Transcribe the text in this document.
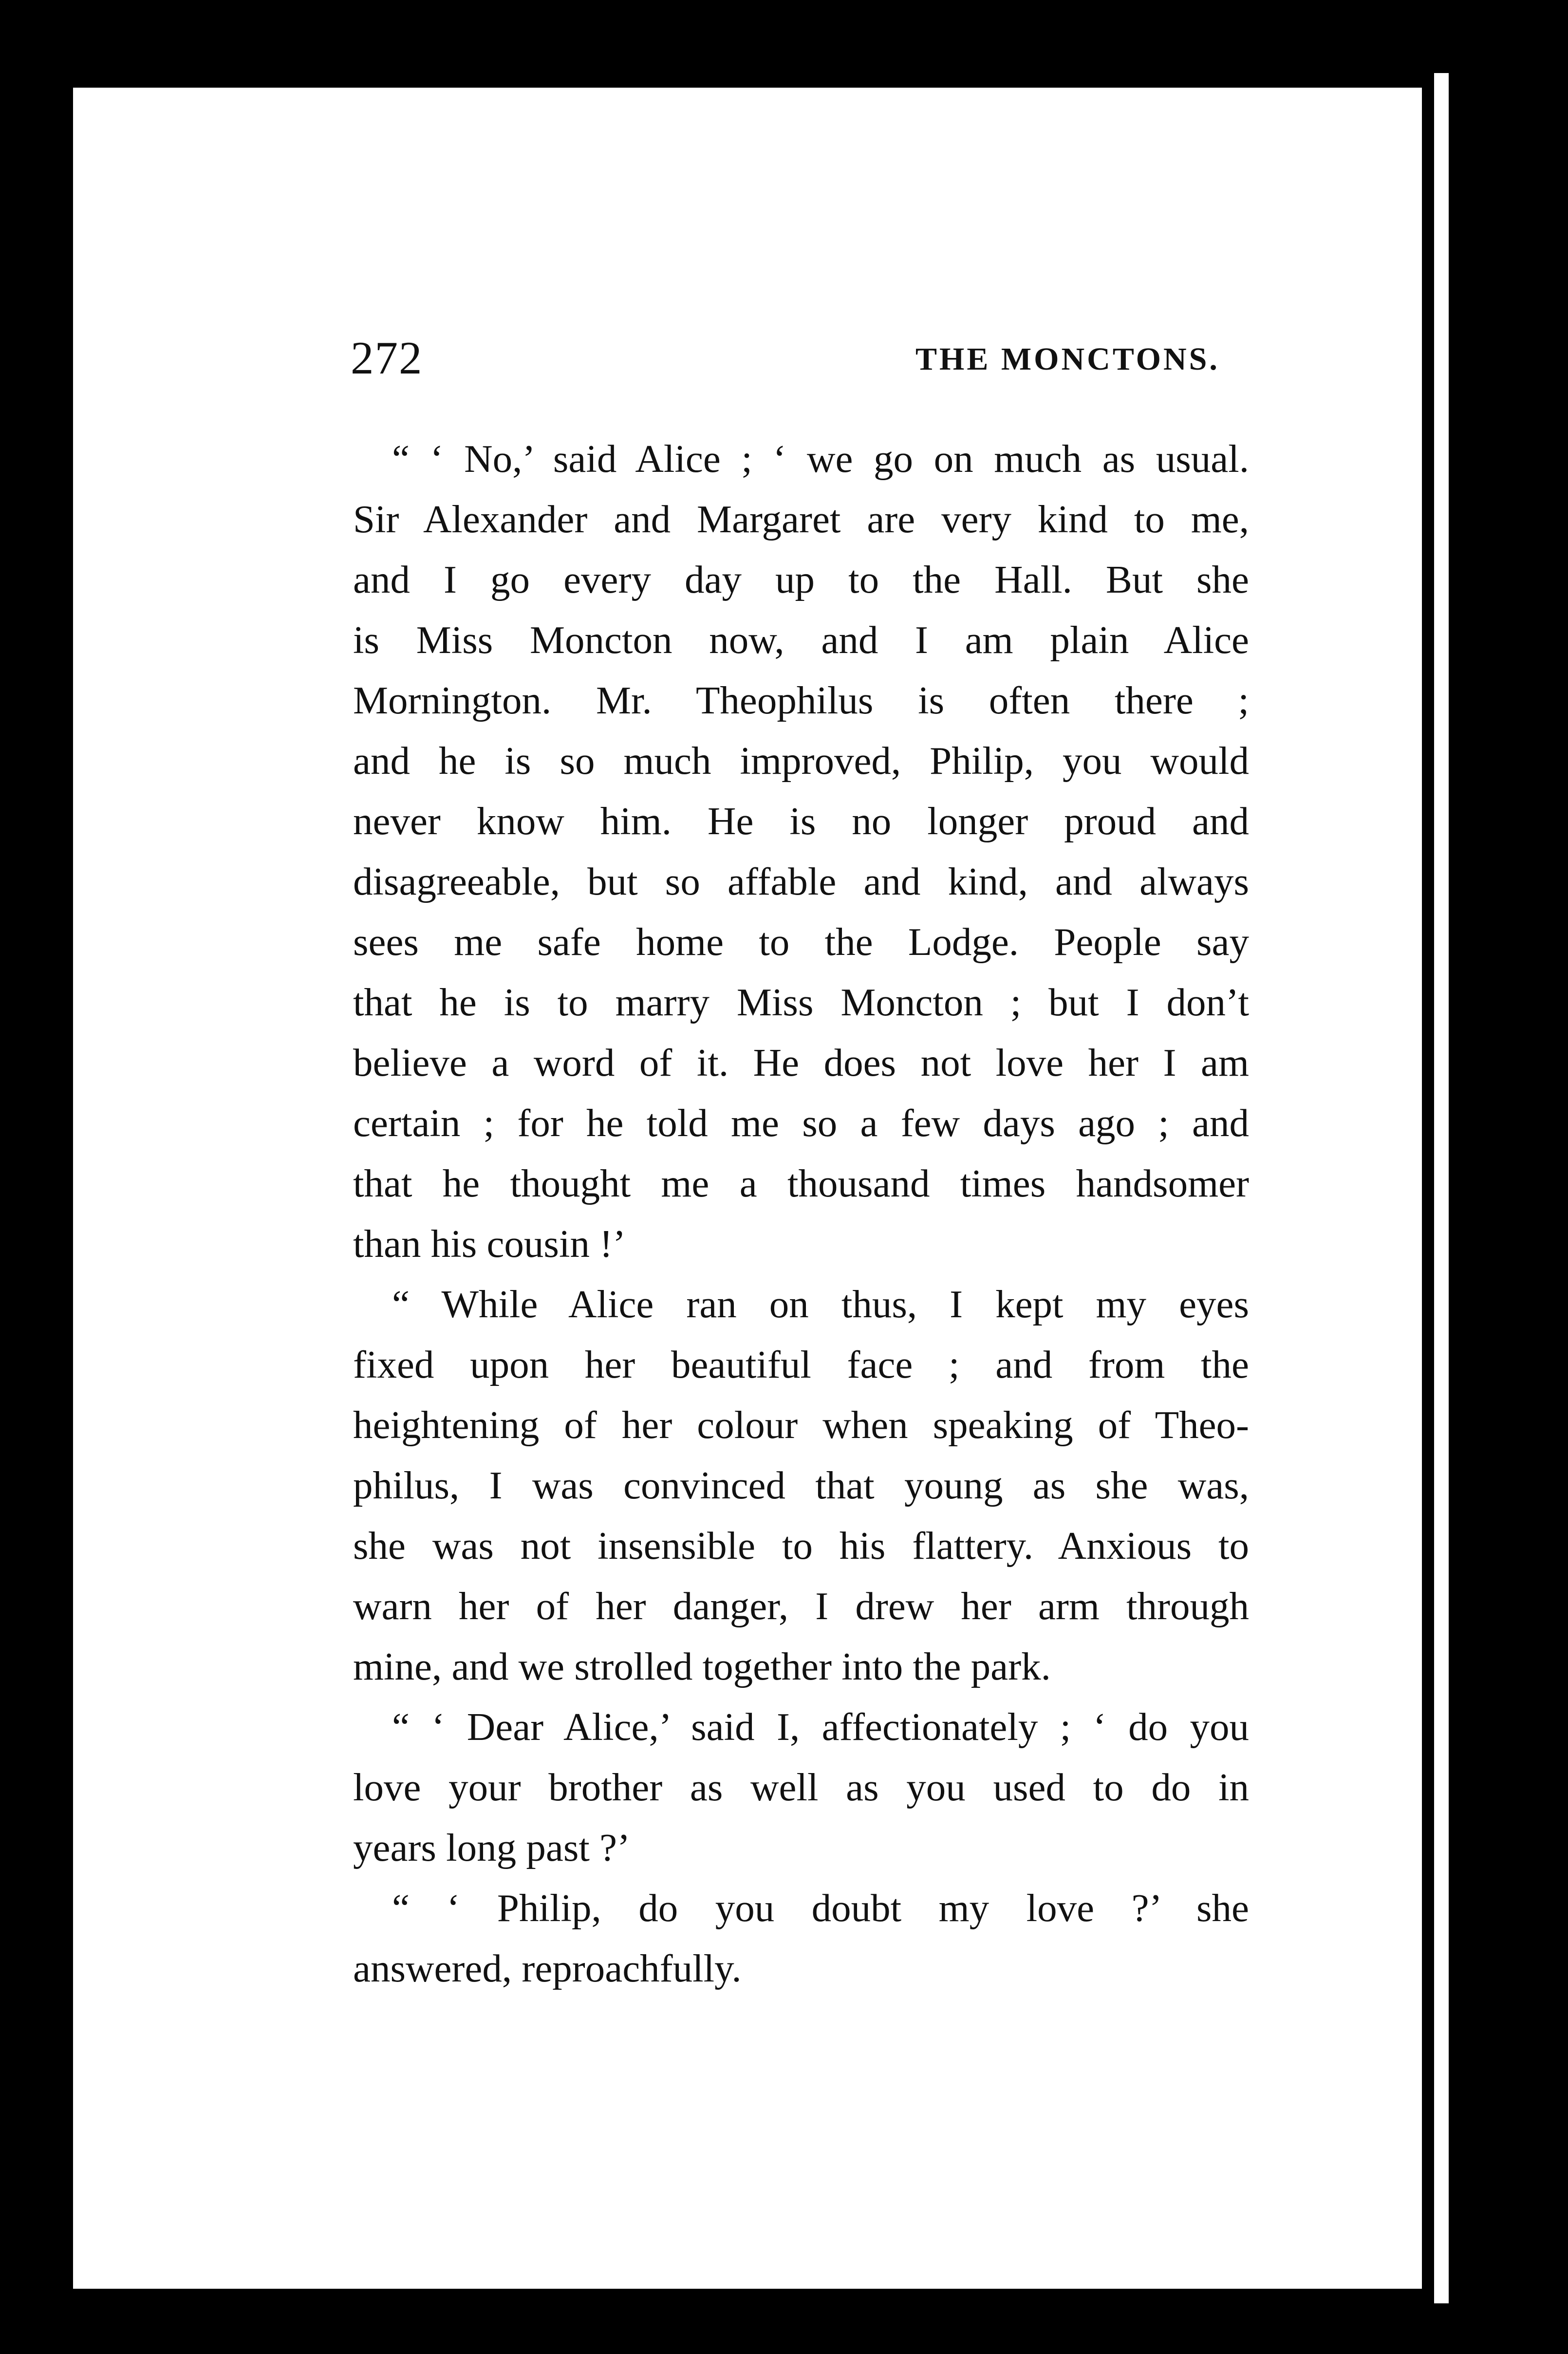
272	THE MONCTONS.

“ ‘ No,’ said Alice ; ‘ we go on much as usual.
Sir Alexander and Margaret are very kind to me,
and I go every day up to the Hall. But she
is Miss Moncton now, and I am plain Alice
Mornington. Mr. Theophilus is often there ;
and he is so much improved, Philip, you would
never know him. He is no longer proud and
disagreeable, but so affable and kind, and always
sees me safe home to the Lodge. People say
that he is to marry Miss Moncton ; but I don’t
believe a word of it. He does not love her I am
certain ; for he told me so a few days ago ; and
that he thought me a thousand times handsomer
than his cousin !’

“ While Alice ran on thus, I kept my eyes
fixed upon her beautiful face ; and from the
heightening of her colour when speaking of Theo-
philus, I was convinced that young as she was,
she was not insensible to his flattery. Anxious to
warn her of her danger, I drew her arm through
mine, and we strolled together into the park.

“ ‘ Dear Alice,’ said I, affectionately ; ‘ do you
love your brother as well as you used to do in
years long past ?’

“ ‘ Philip, do you doubt my love ?’ she
answered, reproachfully.
